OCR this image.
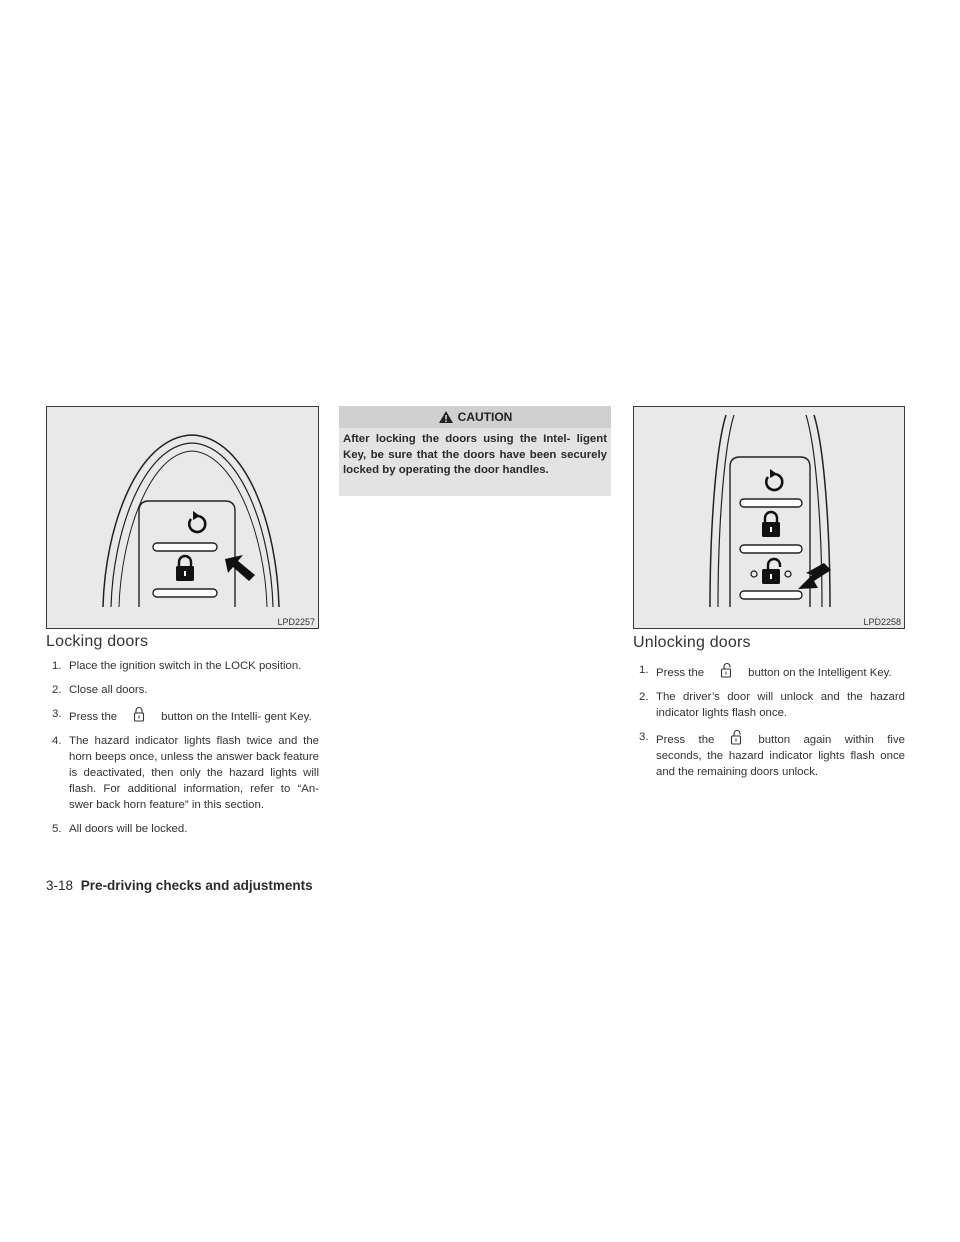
LPD2257
Locking doors
1. Place the ignition switch in the LOCK position.
2. Close all doors.
3. Press the	button on the Intelli- gent Key.
4. The hazard indicator lights flash twice and the horn beeps once, unless the answer back feature is deactivated, then only the hazard lights will flash. For additional information, refer to “An- swer back horn feature” in this section.
5. All doors will be locked.
CAUTION
After locking the doors using the Intel- ligent Key, be sure that the doors have been securely locked by operating the door handles.
LPD2258
Unlocking doors
1. Press the	button on the Intelligent Key.
2. The driver’s door will unlock and the hazard indicator lights flash once.
3. Press the	button again within five seconds, the hazard indicator lights flash once and the remaining doors unlock.
3-18 Pre-driving checks and adjustments
